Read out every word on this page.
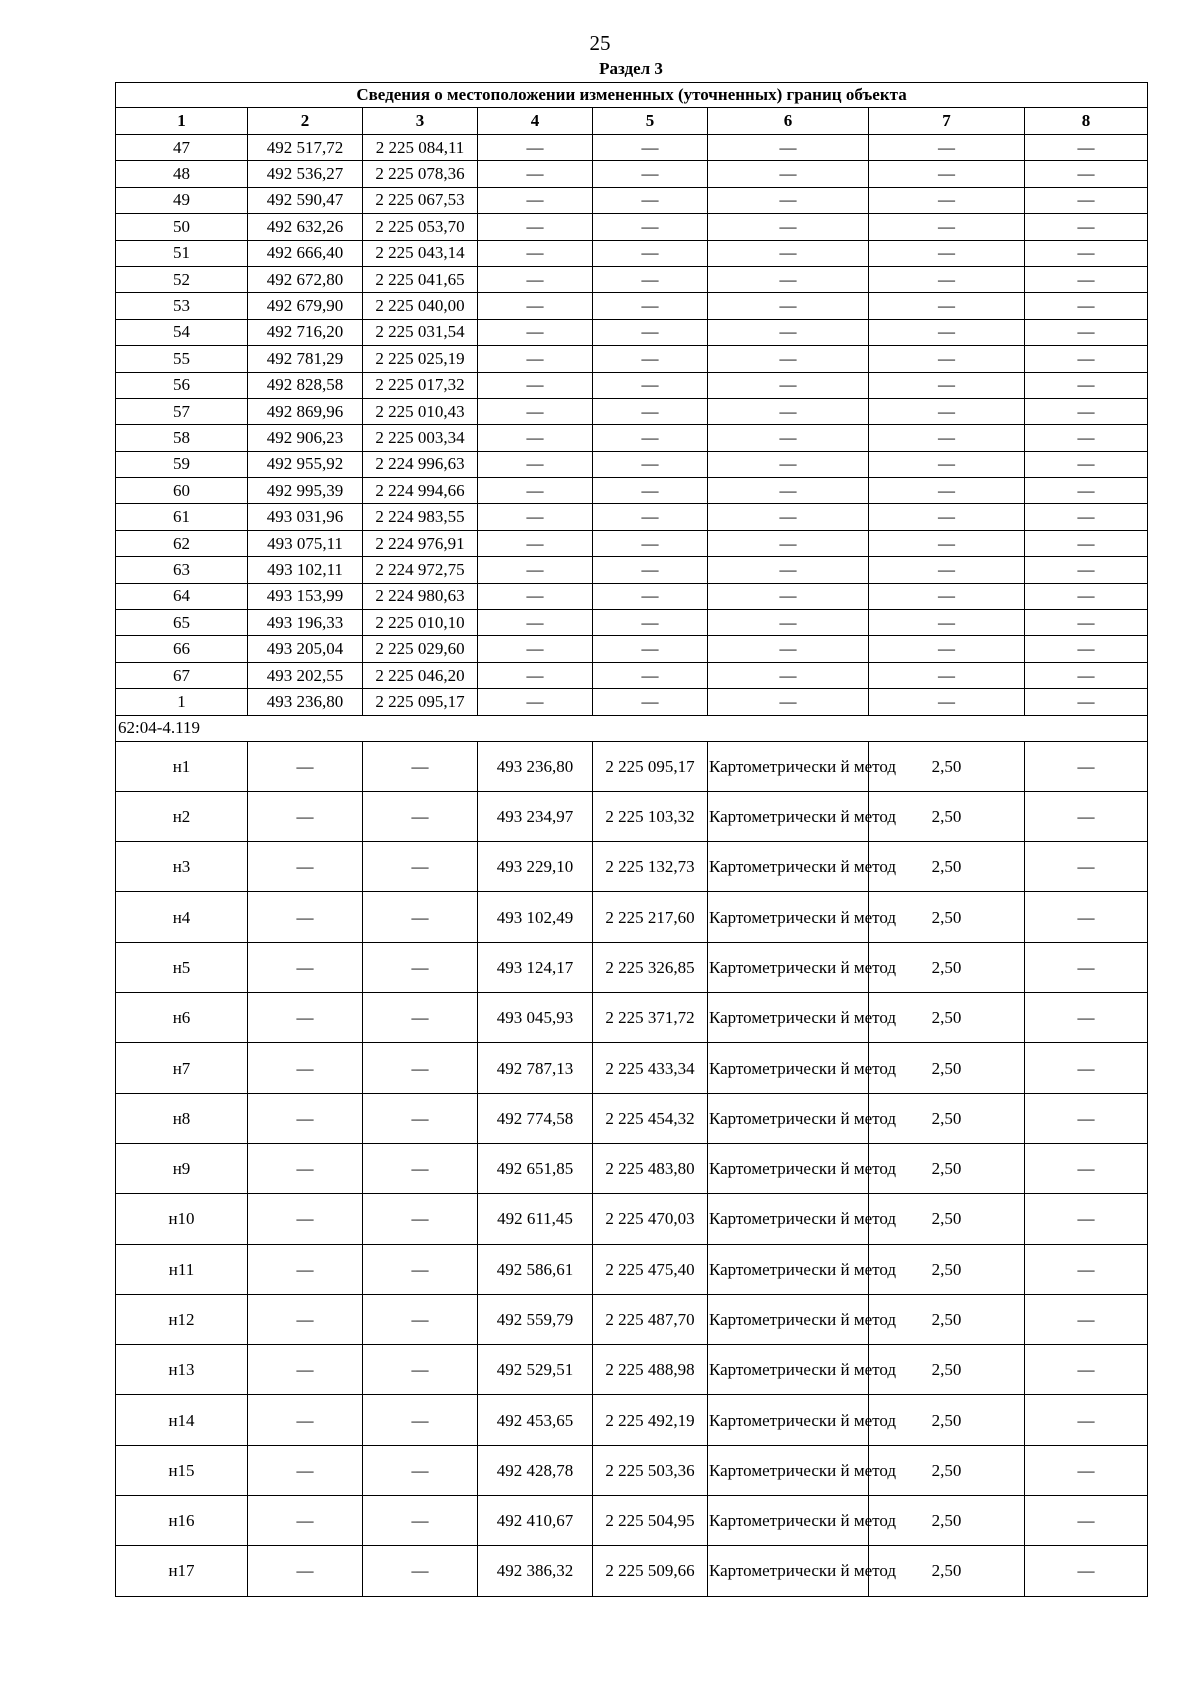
25
Раздел 3
Сведения о местоположении измененных (уточненных) границ объекта							
1	2	3	4	5	6	7	8
47	492 517,72	2 225 084,11	—	—	—	—	—
48	492 536,27	2 225 078,36	—	—	—	—	—
49	492 590,47	2 225 067,53	—	—	—	—	—
50	492 632,26	2 225 053,70	—	—	—	—	—
51	492 666,40	2 225 043,14	—	—	—	—	—
52	492 672,80	2 225 041,65	—	—	—	—	—
53	492 679,90	2 225 040,00	—	—	—	—	—
54	492 716,20	2 225 031,54	—	—	—	—	—
55	492 781,29	2 225 025,19	—	—	—	—	—
56	492 828,58	2 225 017,32	—	—	—	—	—
57	492 869,96	2 225 010,43	—	—	—	—	—
58	492 906,23	2 225 003,34	—	—	—	—	—
59	492 955,92	2 224 996,63	—	—	—	—	—
60	492 995,39	2 224 994,66	—	—	—	—	—
61	493 031,96	2 224 983,55	—	—	—	—	—
62	493 075,11	2 224 976,91	—	—	—	—	—
63	493 102,11	2 224 972,75	—	—	—	—	—
64	493 153,99	2 224 980,63	—	—	—	—	—
65	493 196,33	2 225 010,10	—	—	—	—	—
66	493 205,04	2 225 029,60	—	—	—	—	—
67	493 202,55	2 225 046,20	—	—	—	—	—
1	493 236,80	2 225 095,17	—	—	—	—	—
62:04-4.119							
н1	—	—	493 236,80	2 225 095,17	Картометрически й метод	2,50	—
н2	—	—	493 234,97	2 225 103,32	Картометрически й метод	2,50	—
н3	—	—	493 229,10	2 225 132,73	Картометрически й метод	2,50	—
н4	—	—	493 102,49	2 225 217,60	Картометрически й метод	2,50	—
н5	—	—	493 124,17	2 225 326,85	Картометрически й метод	2,50	—
н6	—	—	493 045,93	2 225 371,72	Картометрически й метод	2,50	—
н7	—	—	492 787,13	2 225 433,34	Картометрически й метод	2,50	—
н8	—	—	492 774,58	2 225 454,32	Картометрически й метод	2,50	—
н9	—	—	492 651,85	2 225 483,80	Картометрически й метод	2,50	—
н10	—	—	492 611,45	2 225 470,03	Картометрически й метод	2,50	—
н11	—	—	492 586,61	2 225 475,40	Картометрически й метод	2,50	—
н12	—	—	492 559,79	2 225 487,70	Картометрически й метод	2,50	—
н13	—	—	492 529,51	2 225 488,98	Картометрически й метод	2,50	—
н14	—	—	492 453,65	2 225 492,19	Картометрически й метод	2,50	—
н15	—	—	492 428,78	2 225 503,36	Картометрически й метод	2,50	—
н16	—	—	492 410,67	2 225 504,95	Картометрически й метод	2,50	—
н17	—	—	492 386,32	2 225 509,66	Картометрически й метод	2,50	—
